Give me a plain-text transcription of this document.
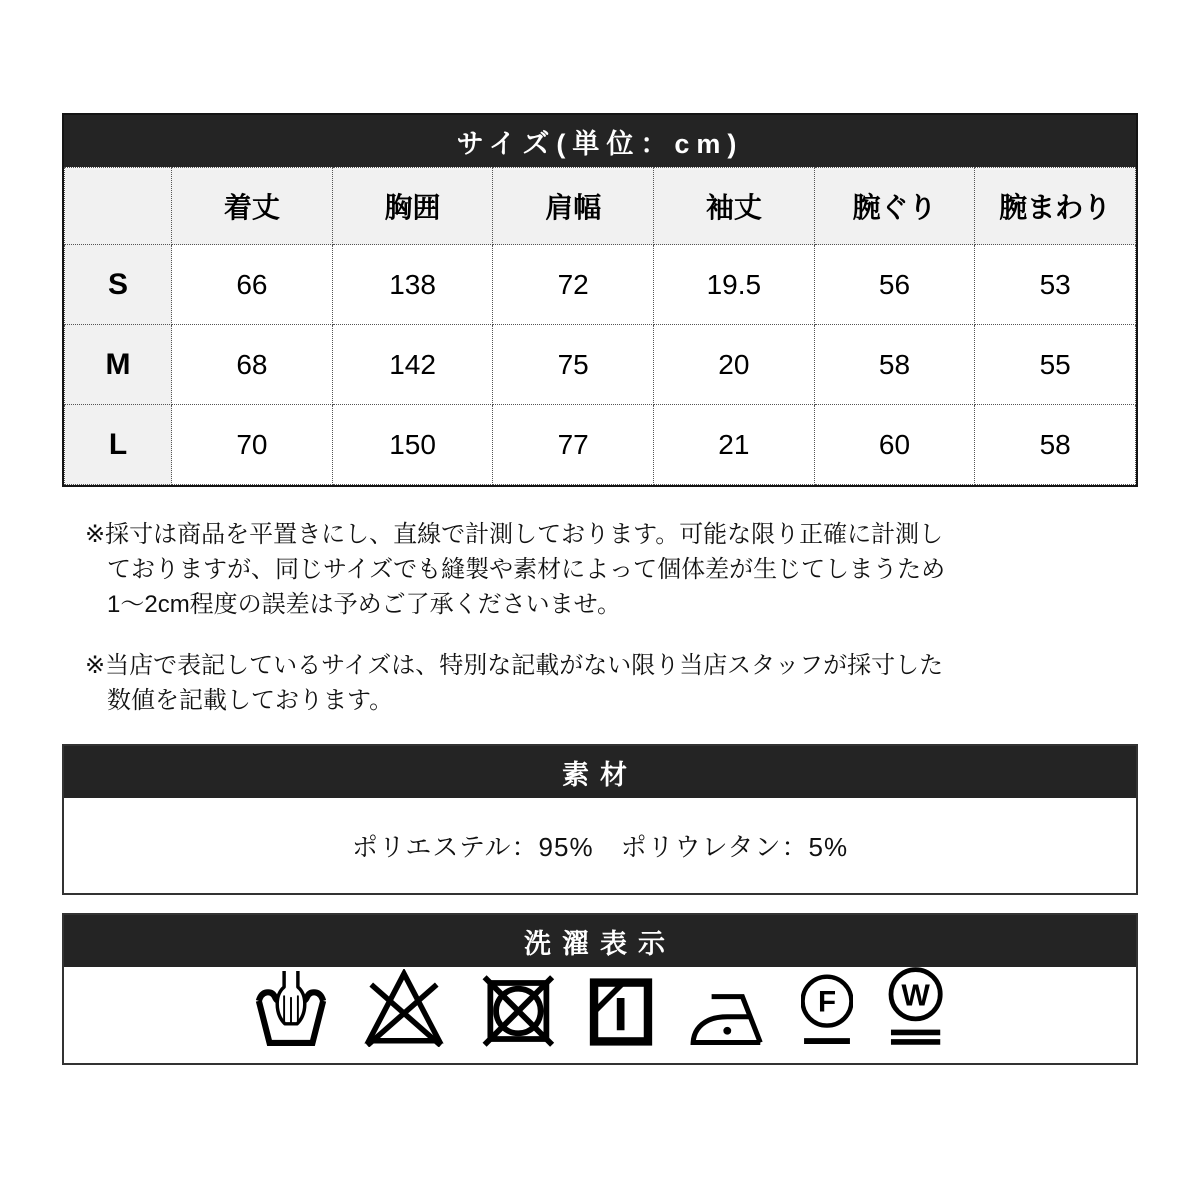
サイズ(単位：cm)
	着丈	胸囲	肩幅	袖丈	腕ぐり	腕まわり
S	66	138	72	19.5	56	53
M	68	142	75	20	58	55
L	70	150	77	21	60	58

※採寸は商品を平置きにし、直線で計測しております。可能な限り正確に計測し
ておりますが、同じサイズでも縫製や素材によって個体差が生じてしまうため
1〜2cm程度の誤差は予めご了承くださいませ。

※当店で表記しているサイズは、特別な記載がない限り当店スタッフが採寸した
数値を記載しております。

素材
ポリエステル：95%　ポリウレタン：5%
洗濯表示
F W
